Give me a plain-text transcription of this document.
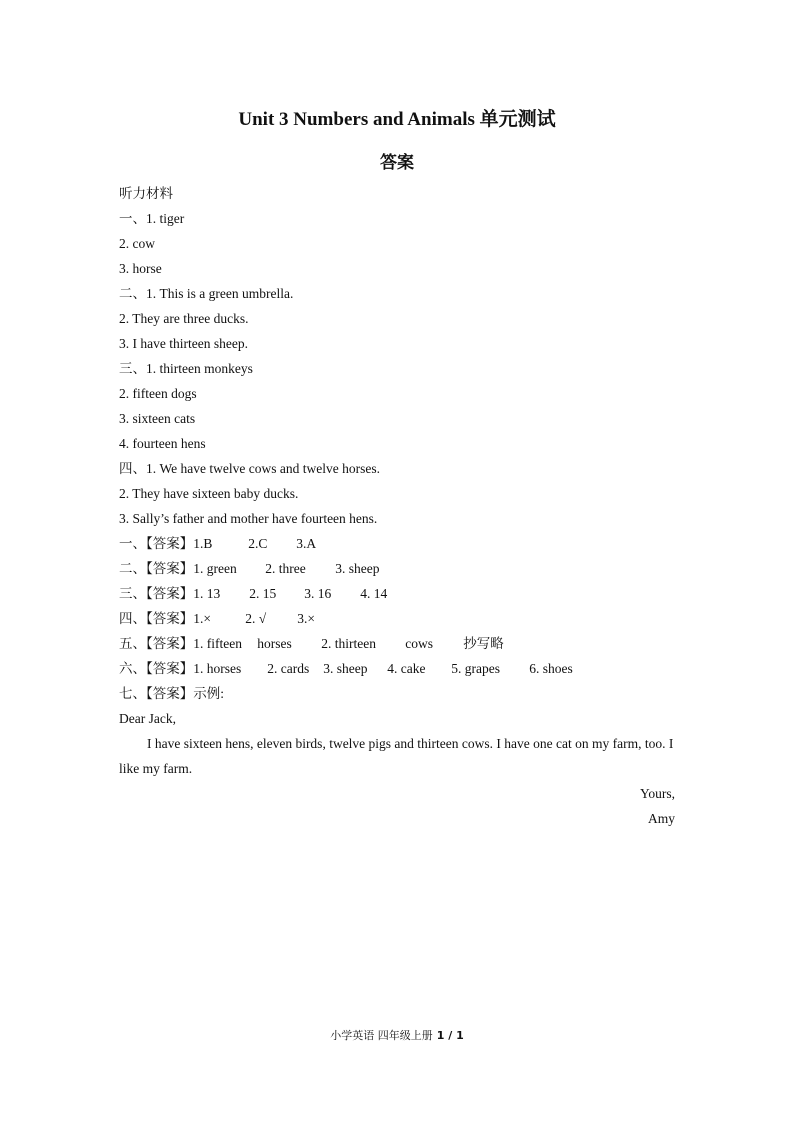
Unit 3 Numbers and Animals 单元测试
答案
听力材料
一、1. tiger
2. cow
3. horse
二、1. This is a green umbrella.
2. They are three ducks.
3. I have thirteen sheep.
三、1. thirteen monkeys
2. fifteen dogs
3. sixteen cats
4. fourteen hens
四、1. We have twelve cows and twelve horses.
2. They have sixteen baby ducks.
3. Sally’s father and mother have fourteen hens.
一、【答案】1.B	2.C 3.A
二、【答案】1. green 2. three 3. sheep
三、【答案】1. 13 2. 15 3. 16 4. 14
四、【答案】1.×	2. √ 3.×
五、【答案】1. fifteen horses 2. thirteen cows 抄写略
六、【答案】1. horses 2. cards 3. sheep 4. cake 5. grapes 6. shoes
七、【答案】示例:
Dear Jack,

I have sixteen hens, eleven birds, twelve pigs and thirteen cows. I have one cat on my farm, too. I like my farm.

Yours,
Amy
小学英语 四年级上册 1 / 1
